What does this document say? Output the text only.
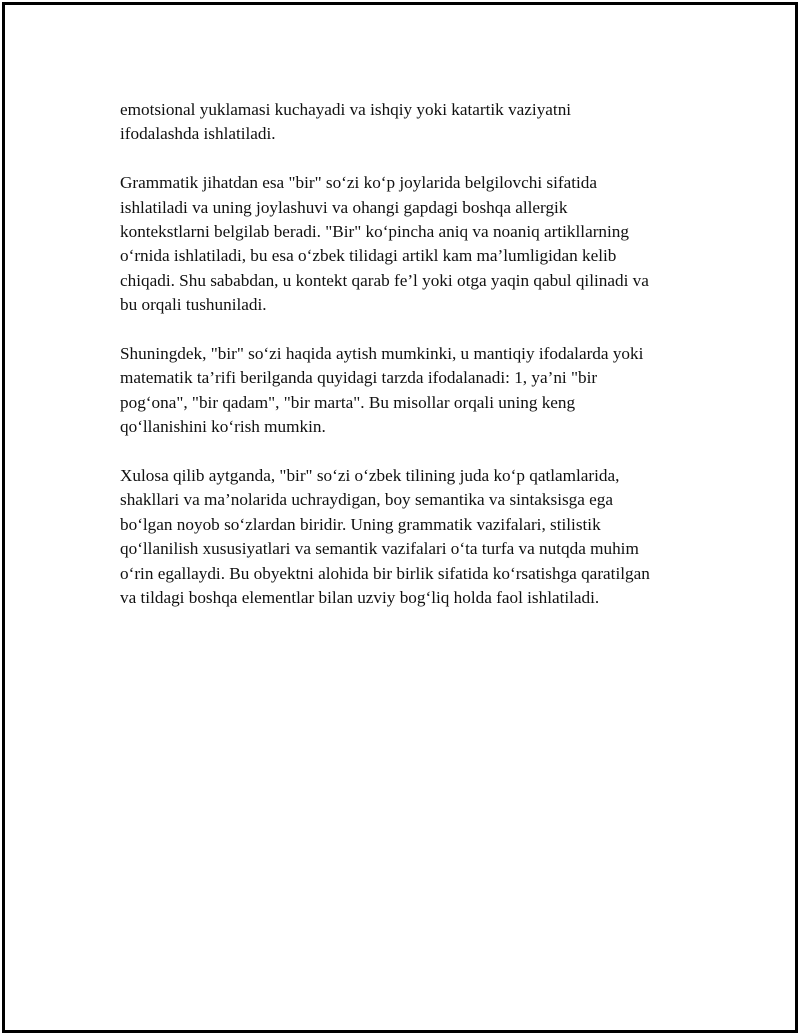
emotsional yuklamasi kuchayadi va ishqiy yoki katartik vaziyatni
ifodalashda ishlatiladi.

Grammatik jihatdan esa "bir" so‘zi ko‘p joylarida belgilovchi sifatida
ishlatiladi va uning joylashuvi va ohangi gapdagi boshqa allergik
kontekstlarni belgilab beradi. "Bir" ko‘pincha aniq va noaniq artikllarning
o‘rnida ishlatiladi, bu esa o‘zbek tilidagi artikl kam ma’lumligidan kelib
chiqadi. Shu sababdan, u kontekt qarab fe’l yoki otga yaqin qabul qilinadi va
bu orqali tushuniladi.

Shuningdek, "bir" so‘zi haqida aytish mumkinki, u mantiqiy ifodalarda yoki
matematik ta’rifi berilganda quyidagi tarzda ifodalanadi: 1, ya’ni "bir
pog‘ona", "bir qadam", "bir marta". Bu misollar orqali uning keng
qo‘llanishini ko‘rish mumkin.

Xulosa qilib aytganda, "bir" so‘zi o‘zbek tilining juda ko‘p qatlamlarida,
shakllari va ma’nolarida uchraydigan, boy semantika va sintaksisga ega
bo‘lgan noyob so‘zlardan biridir. Uning grammatik vazifalari, stilistik
qo‘llanilish xususiyatlari va semantik vazifalari o‘ta turfa va nutqda muhim
o‘rin egallaydi. Bu obyektni alohida bir birlik sifatida ko‘rsatishga qaratilgan
va tildagi boshqa elementlar bilan uzviy bog‘liq holda faol ishlatiladi.
